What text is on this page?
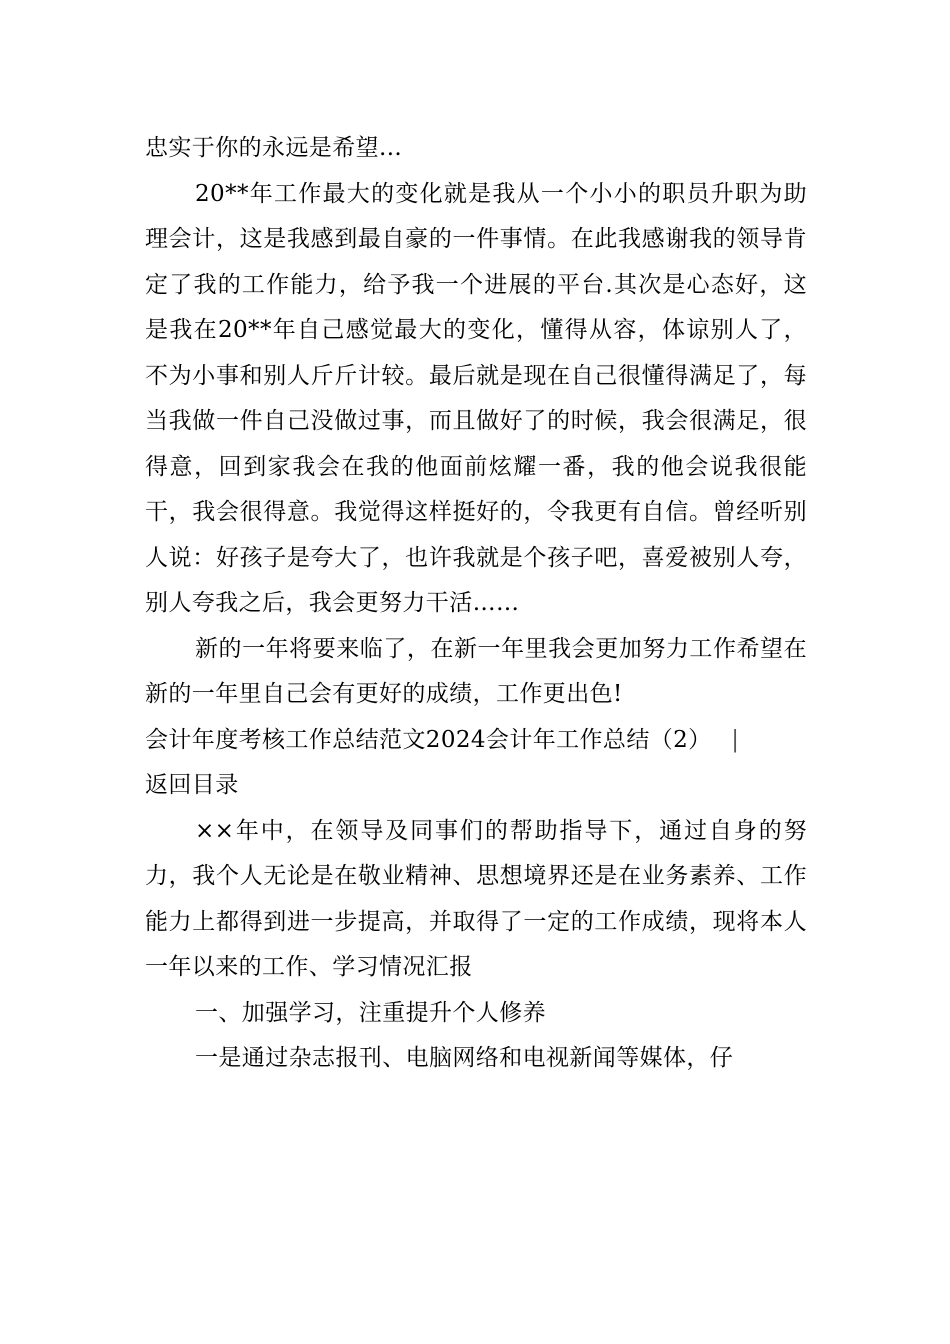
忠实于你的永远是希望...

20**年工作最大的变化就是我从一个小小的职员升职为助理会计，这是我感到最自豪的一件事情。在此我感谢我的领导肯定了我的工作能力，给予我一个进展的平台.其次是心态好，这是我在20**年自己感觉最大的变化，懂得从容，体谅别人了，不为小事和别人斤斤计较。最后就是现在自己很懂得满足了，每当我做一件自己没做过事，而且做好了的时候，我会很满足，很得意，回到家我会在我的他面前炫耀一番，我的他会说我很能干，我会很得意。我觉得这样挺好的，令我更有自信。曾经听别人说：好孩子是夸大了，也许我就是个孩子吧，喜爱被别人夸，别人夸我之后，我会更努力干活……

新的一年将要来临了，在新一年里我会更加努力工作希望在新的一年里自己会有更好的成绩，工作更出色!

会计年度考核工作总结范文2024会计年工作总结（2）　 |
返回目录

××年中，在领导及同事们的帮助指导下，通过自身的努力，我个人无论是在敬业精神、思想境界还是在业务素养、工作能力上都得到进一步提高，并取得了一定的工作成绩，现将本人一年以来的工作、学习情况汇报

一、加强学习，注重提升个人修养

一是通过杂志报刊、电脑网络和电视新闻等媒体，仔
